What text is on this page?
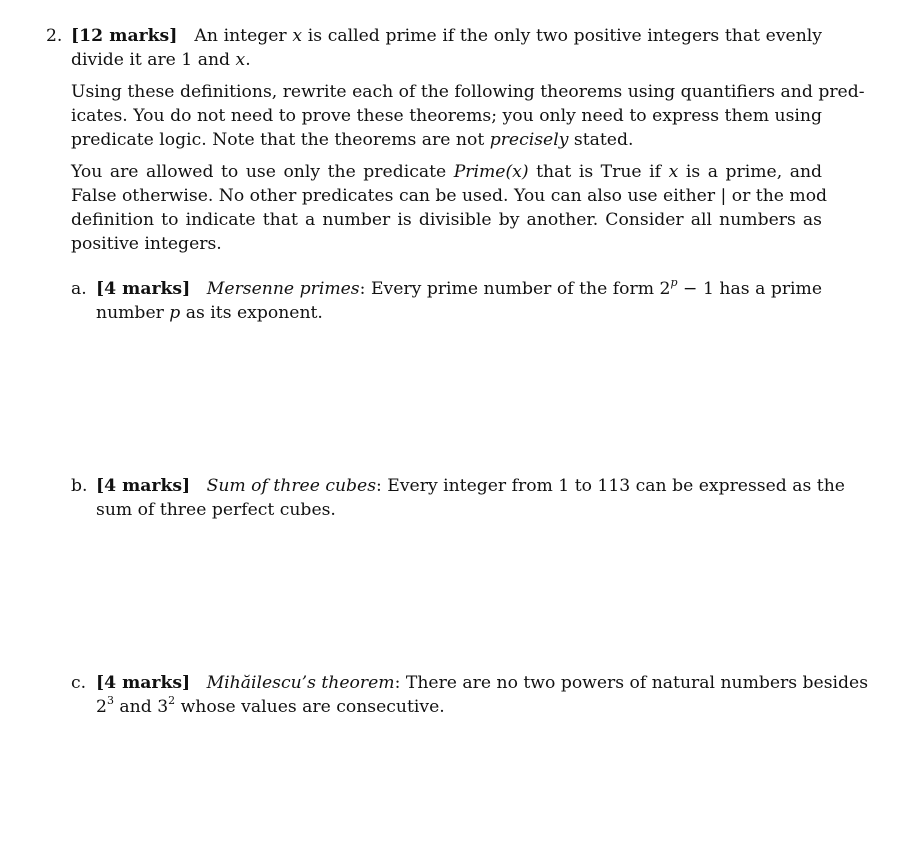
2. [12 marks] An integer x is called prime if the only two positive integers that evenly
divide it are 1 and x.
Using these definitions, rewrite each of the following theorems using quantifiers and pred-
icates. You do not need to prove these theorems; you only need to express them using
predicate logic. Note that the theorems are not precisely stated.
You are allowed to use only the predicate Prime(x) that is True if x is a prime, and
False otherwise. No other predicates can be used. You can also use either | or the mod
definition to indicate that a number is divisible by another. Consider all numbers as
positive integers.
a. [4 marks] Mersenne primes: Every prime number of the form $2^p - 1$ has a prime
number p as its exponent.
b. [4 marks] Sum of three cubes: Every integer from 1 to 113 can be expressed as the
sum of three perfect cubes.
c. [4 marks] Mihăilescu’s theorem: There are no two powers of natural numbers besides
$2^3$ and $3^2$ whose values are consecutive.
